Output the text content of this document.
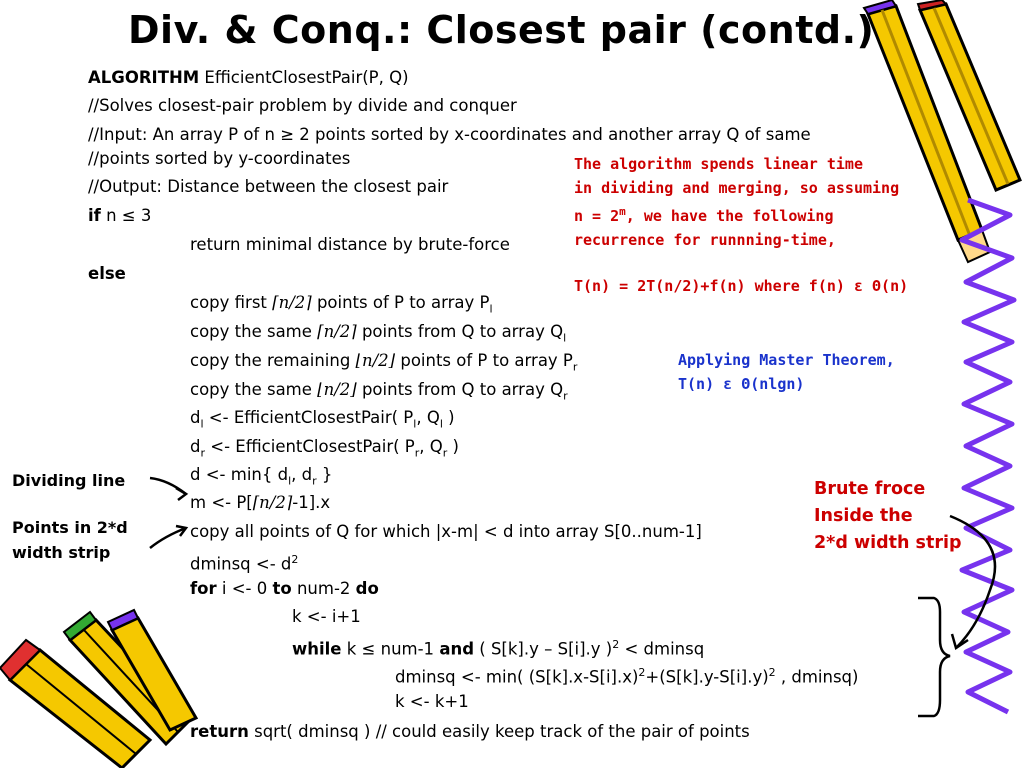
Div. & Conq.: Closest pair (contd.)
ALGORITHM EfficientClosestPair(P, Q)
//Solves closest-pair problem by divide and conquer
//Input: An array P of n ≥ 2 points sorted by x-coordinates and another array Q of same
//points sorted by y-coordinates
//Output: Distance between the closest pair
if n ≤ 3
return minimal distance by brute-force
else
copy first ⌈n/2⌉ points of P to array $P_l$
copy the same ⌈n/2⌉ points from Q to array $Q_l$
copy the remaining ⌊n/2⌋ points of P to array $P_r$
copy the same ⌊n/2⌋ points from Q to array $Q_r$
$d_l$ <- EfficientClosestPair( $P_l$, $Q_l$ )
$d_r$ <- EfficientClosestPair( $P_r$, $Q_r$ )
d <- min{ $d_l$, $d_r$ }
m <- P[⌈n/2⌉-1].x
copy all points of Q for which |x-m| < d into array S[0..num-1]
dminsq <- $d^2$
for i <- 0 to num-2 do
k <- i+1
while k ≤ num-1 and ( S[k].y – S[i].y )$^2$ < dminsq
dminsq <- min( $(S[k].x-S[i].x)^2+(S[k].y-S[i].y)^2$ , dminsq)
k <- k+1
return sqrt( dminsq ) // could easily keep track of the pair of points
The algorithm spends linear time
in dividing and merging, so assuming
$n = 2^m$, we have the following
recurrence for runnning-time,
T(n) = 2T(n/2)+f(n) where f(n) ε Θ(n)
Applying Master Theorem,
T(n) ε Θ(nlgn)
Dividing line
Points in 2*d
width strip
Brute froce
Inside the
2*d width strip
